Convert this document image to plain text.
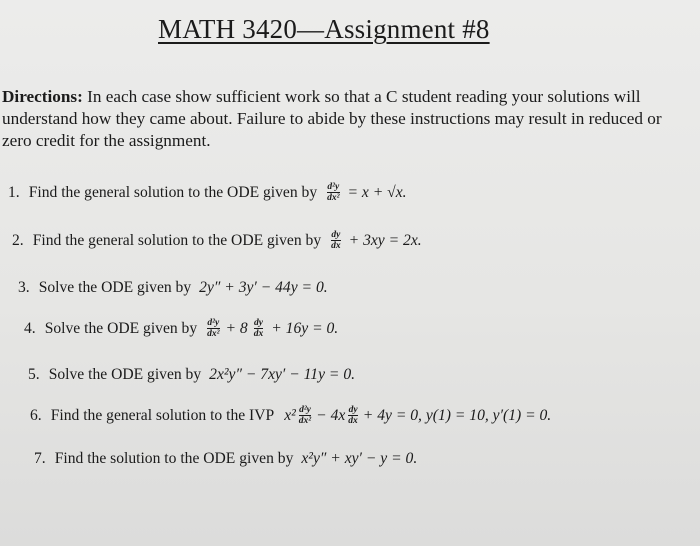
MATH 3420—Assignment #8
Directions: In each case show sufficient work so that a C student reading your solutions will understand how they came about. Failure to abide by these instructions may result in reduced or zero credit for the assignment.
1. Find the general solution to the ODE given by $\frac{\text{d²y}}{\text{dx²}} = x + √x$.
2. Find the general solution to the ODE given by $\frac{dy}{dx} + 3xy = 2x$.
3. Solve the ODE given by 2y″ + 3y′ − 44y = 0.
4. Solve the ODE given by $\frac{\text{d²y}}{\text{dx²}} + 8 \frac{dy}{dx} + 16y = 0$.
5. Solve the ODE given by 2x²y″ − 7xy′ − 11y = 0.
6. Find the general solution to the IVP $x^2 \frac{\text{d²y}}{\text{dx²}} - 4x \frac{dy}{dx} + 4y = 0$, y(1) = 10, y′(1) = 0.
7. Find the solution to the ODE given by x²y″ + xy′ − y = 0.
